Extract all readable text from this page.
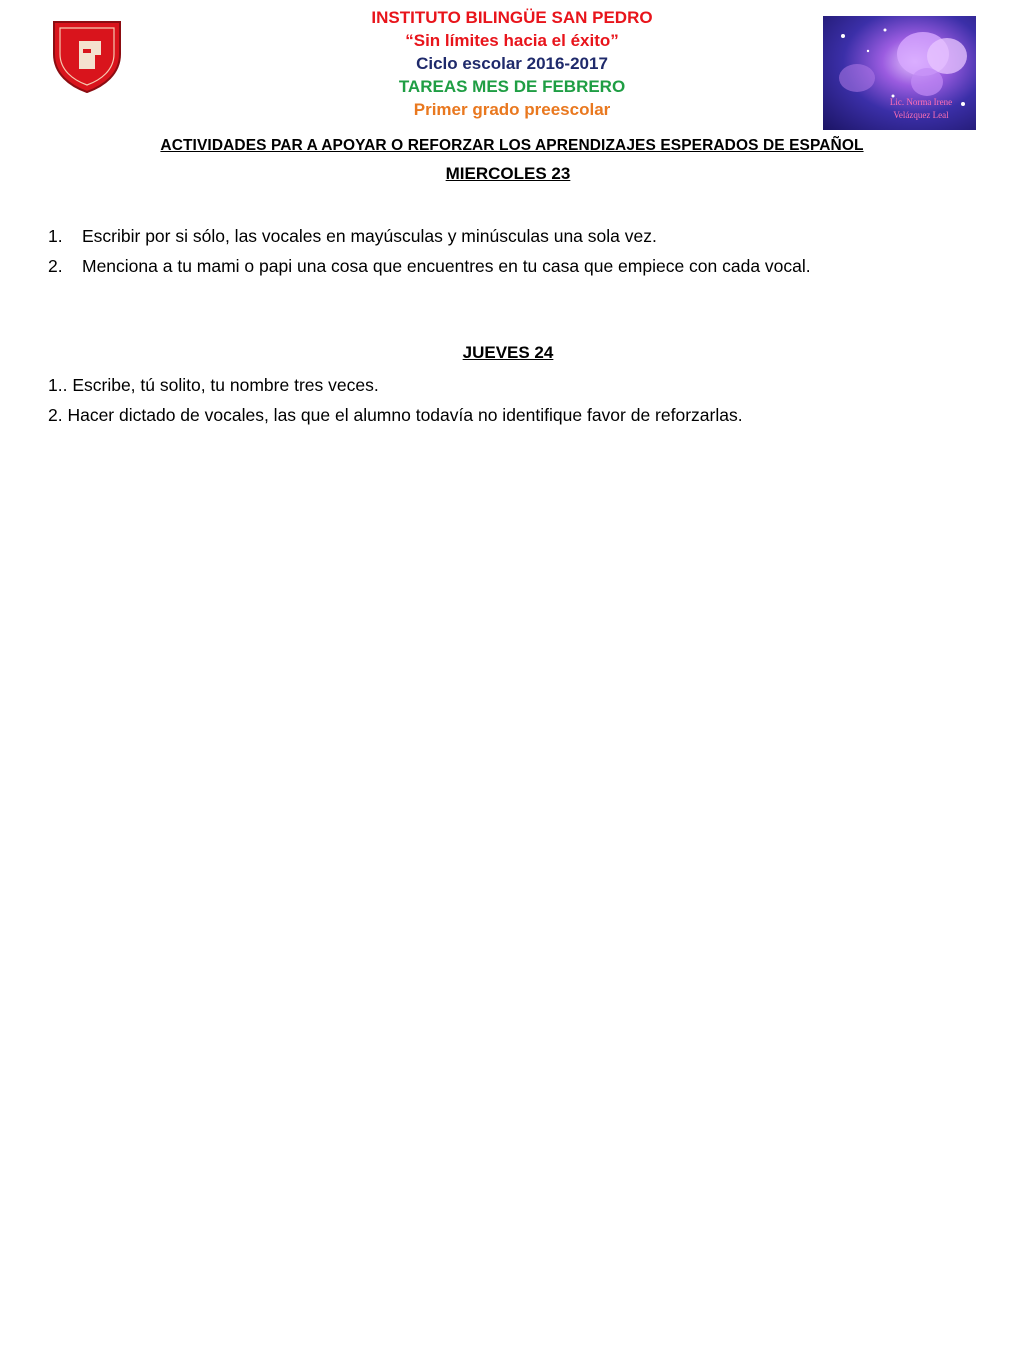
INSTITUTO BILINGÜE SAN PEDRO
“Sin límites hacia el éxito”
Ciclo escolar 2016-2017
TAREAS MES DE FEBRERO
Primer grado preescolar	Lic. Norma Irene
Velázquez Leal
ACTIVIDADES PAR A APOYAR O REFORZAR LOS APRENDIZAJES ESPERADOS DE ESPAÑOL
MIERCOLES 23
1.	Escribir por si sólo, las vocales en mayúsculas y minúsculas una sola vez.
2.	Menciona a tu mami o papi una cosa que encuentres en tu casa que empiece con cada vocal.
JUEVES 24
1.. Escribe, tú solito, tu nombre tres veces.
2. Hacer dictado de vocales, las que el alumno todavía no identifique favor de reforzarlas.
